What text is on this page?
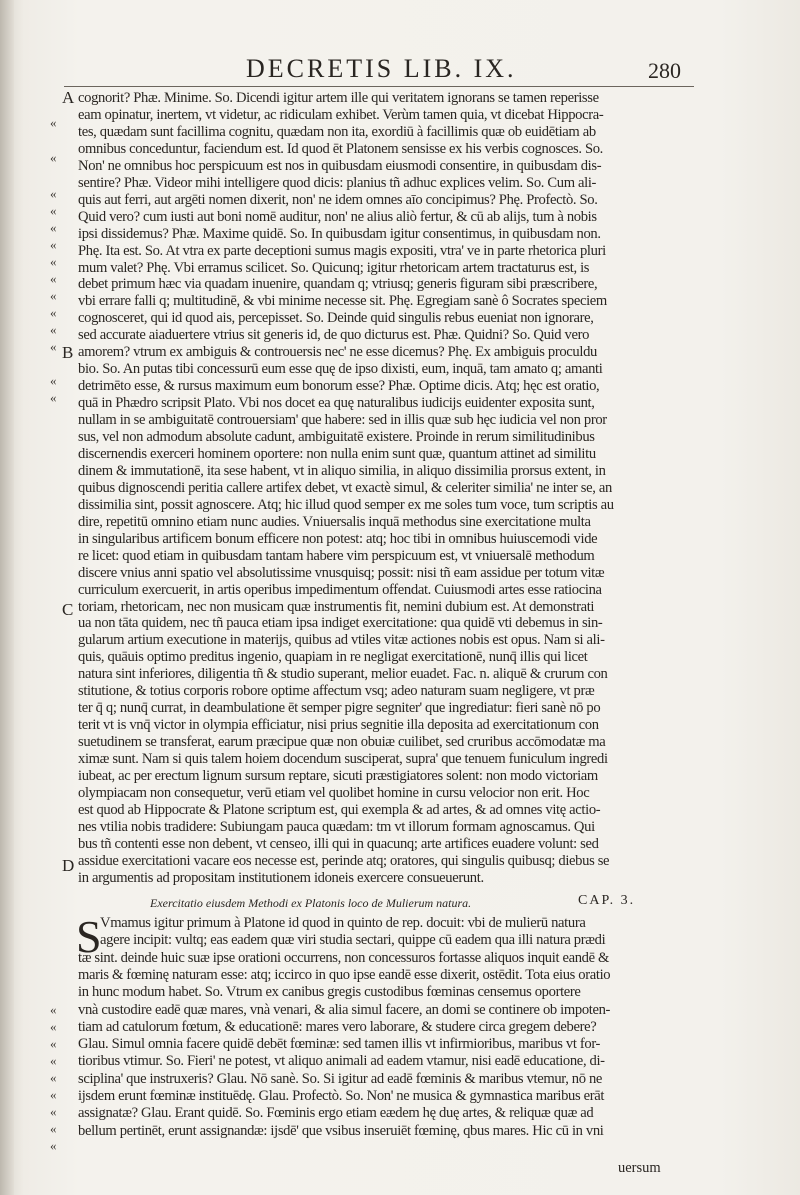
DECRETIS LIB. IX.	280
cognorit? Phæ. Minime. So. Dicendi igitur artem ille qui veritatem ignorans se tamen reperisse
eam opinatur, inertem, vt videtur, ac ridiculam exhibet. Verùm tamen quia, vt dicebat Hippocra-
tes, quædam sunt facillima cognitu, quædam non ita, exordiū à facillimis quæ ob euidētiam ab
omnibus conceduntur, faciendum est. Id quod ēt Platonem sensisse ex his verbis cognosces. So.
Non' ne omnibus hoc perspicuum est nos in quibusdam eiusmodi consentire, in quibusdam dis-
sentire? Phæ. Videor mihi intelligere quod dicis: planius tñ adhuc explices velim. So. Cum ali-
quis aut ferri, aut argēti nomen dixerit, non' ne idem omnes aīo concipimus? Phę. Profectò. So.
Quid vero? cum iusti aut boni nomē auditur, non' ne alius aliò fertur, & cū ab alijs, tum à nobis
ipsi dissidemus? Phæ. Maxime quidē. So. In quibusdam igitur consentimus, in quibusdam non.
Phę. Ita est. So. At vtra ex parte deceptioni sumus magis expositi, vtra' ve in parte rhetorica pluri
mum valet? Phę. Vbi erramus scilicet. So. Quicunq; igitur rhetoricam artem tractaturus est, is
debet primum hæc via quadam inuenire, quandam q; vtriusq; generis figuram sibi præscribere,
vbi errare falli q; multitudinē, & vbi minime necesse sit. Phę. Egregiam sanè ô Socrates speciem
cognosceret, qui id quod ais, percepisset. So. Deinde quid singulis rebus eueniat non ignorare,
sed accurate aiaduertere vtrius sit generis id, de quo dicturus est. Phæ. Quidni? So. Quid vero
amorem? vtrum ex ambiguis & controuersis nec' ne esse dicemus? Phę. Ex ambiguis proculdu
bio. So. An putas tibi concessurū eum esse quę de ipso dixisti, eum, inquā, tam amato q; amanti
detrimēto esse, & rursus maximum eum bonorum esse? Phæ. Optime dicis. Atq; hęc est oratio,
quā in Phædro scripsit Plato. Vbi nos docet ea quę naturalibus iudicijs euidenter exposita sunt,
nullam in se ambiguitatē controuersiam' que habere: sed in illis quæ sub hęc iudicia vel non pror
sus, vel non admodum absolute cadunt, ambiguitatē existere. Proinde in rerum similitudinibus
discernendis exerceri hominem oportere: non nulla enim sunt quæ, quantum attinet ad similitu
dinem & immutationē, ita sese habent, vt in aliquo similia, in aliquo dissimilia prorsus extent, in
quibus dignoscendi peritia callere artifex debet, vt exactè simul, & celeriter similia' ne inter se, an
dissimilia sint, possit agnoscere. Atq; hic illud quod semper ex me soles tum voce, tum scriptis au
dire, repetitū omnino etiam nunc audies. Vniuersalis inquā methodus sine exercitatione multa
in singularibus artificem bonum efficere non potest: atq; hoc tibi in omnibus huiuscemodi vide
re licet: quod etiam in quibusdam tantam habere vim perspicuum est, vt vniuersalē methodum
discere vnius anni spatio vel absolutissime vnusquisq; possit: nisi tñ eam assidue per totum vitæ
curriculum exercuerit, in artis operibus impedimentum offendat. Cuiusmodi artes esse ratiocina
toriam, rhetoricam, nec non musicam quæ instrumentis fit, nemini dubium est. At demonstrati
ua non tāta quidem, nec tñ pauca etiam ipsa indiget exercitatione: qua quidē vti debemus in sin-
gularum artium executione in materijs, quibus ad vtiles vitæ actiones nobis est opus. Nam si ali-
quis, quāuis optimo preditus ingenio, quapiam in re negligat exercitationē, nunq̄ illis qui licet
natura sint inferiores, diligentia tñ & studio superant, melior euadet. Fac. n. aliquē & crurum con
stitutione, & totius corporis robore optime affectum vsq; adeo naturam suam negligere, vt præ
ter q̄ q; nunq̄ currat, in deambulatione ēt semper pigre segniter' que ingrediatur: fieri sanè nō po
terit vt is vnq̄ victor in olympia efficiatur, nisi prius segnitie illa deposita ad exercitationum con
suetudinem se transferat, earum præcipue quæ non obuiæ cuilibet, sed cruribus accōmodatæ ma
ximæ sunt. Nam si quis talem hoiem docendum susciperat, supra' que tenuem funiculum ingredi
iubeat, ac per erectum lignum sursum reptare, sicuti præstigiatores solent: non modo victoriam
olympiacam non consequetur, verū etiam vel quolibet homine in cursu velocior non erit. Hoc
est quod ab Hippocrate & Platone scriptum est, qui exempla & ad artes, & ad omnes vitę actio-
nes vtilia nobis tradidere: Subiungam pauca quædam: tm vt illorum formam agnoscamus. Qui
bus tñ contenti esse non debent, vt censeo, illi qui in quacunq; arte artifices euadere volunt: sed
assidue exercitationi vacare eos necesse est, perinde atq; oratores, qui singulis quibusq; diebus se
in argumentis ad propositam institutionem idoneis exercere consueuerunt.
Exercitatio eiusdem Methodi ex Platonis loco de Mulierum natura.	CAP. 3.
S
Vmamus igitur primum à Platone id quod in quinto de rep. docuit: vbi de mulierū natura
agere incipit: vultq; eas eadem quæ viri studia sectari, quippe cū eadem qua illi natura prædi
tæ sint. deinde huic suæ ipse orationi occurrens, non concessuros fortasse aliquos inquit eandē &
maris & fœminę naturam esse: atq; iccirco in quo ipse eandē esse dixerit, ostēdit. Tota eius oratio
in hunc modum habet. So. Vtrum ex canibus gregis custodibus fœminas censemus oportere
vnà custodire eadē quæ mares, vnà venari, & alia simul facere, an domi se continere ob impoten-
tiam ad catulorum fœtum, & educationē: mares vero laborare, & studere circa gregem debere?
Glau. Simul omnia facere quidē debēt fœminæ: sed tamen illis vt infirmioribus, maribus vt for-
tioribus vtimur. So. Fieri' ne potest, vt aliquo animali ad eadem vtamur, nisi eadē educatione, di-
sciplina' que instruxeris? Glau. Nō sanè. So. Si igitur ad eadē fœminis & maribus vtemur, nō ne
ijsdem erunt fœminæ instituēdę. Glau. Profectò. So. Non' ne musica & gymnastica maribus erāt
assignatæ? Glau. Erant quidē. So. Fœminis ergo etiam eædem hę duę artes, & reliquæ quæ ad
bellum pertinēt, erunt assignandæ: ijsdē' que vsibus inseruiēt fœminę, qbus mares. Hic cū in vni
«
«
«
«
«
«
«
«
«
«
«
«
«
«
«
«
«
«
«
«
«
«
«
A
B
C
D
uersum
